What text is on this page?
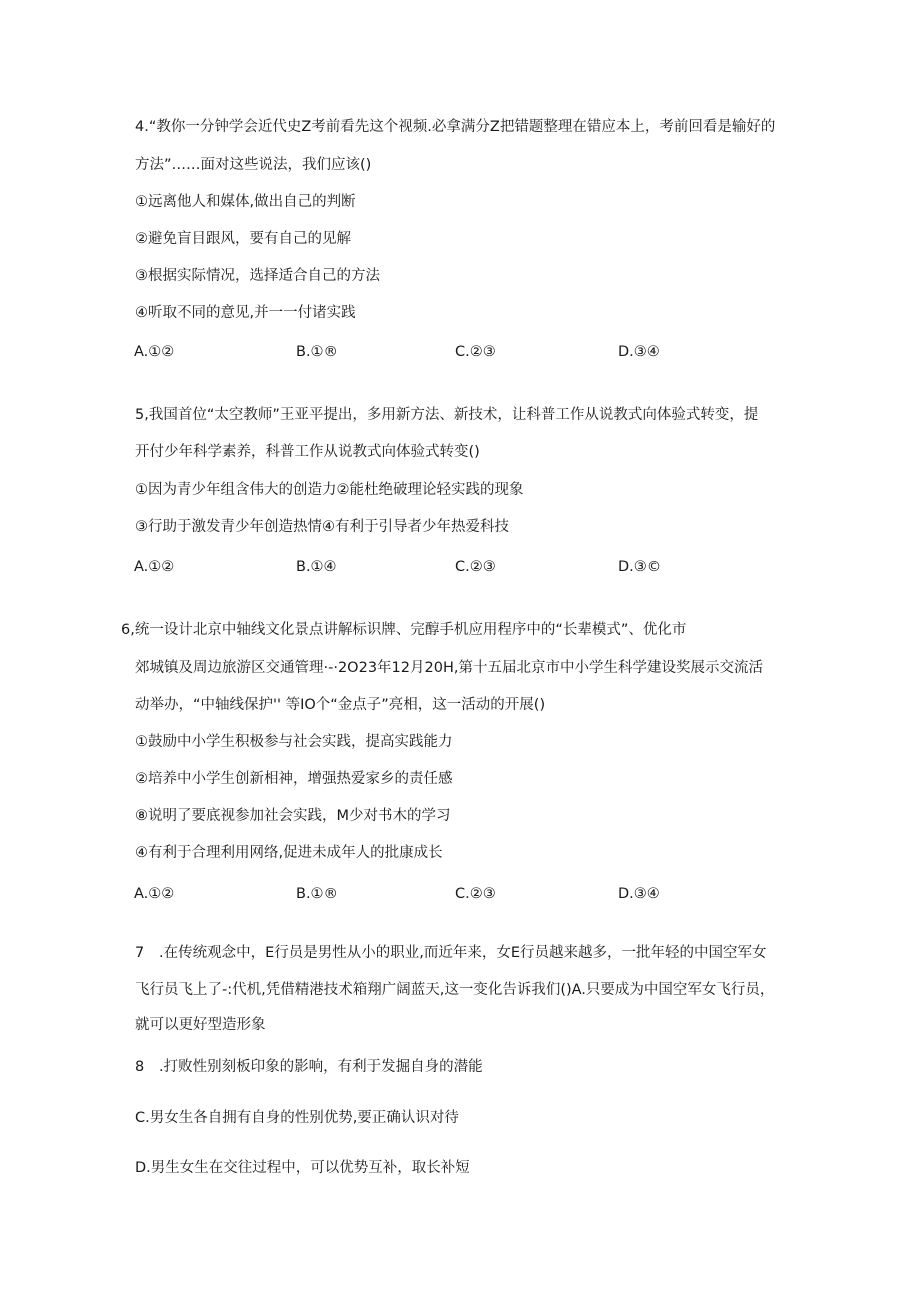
4.“教你一分钟学会近代史Z考前看先这个视频.必拿满分Z把错题整理在错应本上，考前回看是输好的
方法”……面对这些说法，我们应该()
①远离他人和媒体,做出自己的判断
②避免盲目跟风，要有自己的见解
③根据实际情况，选择适合自己的方法
④听取不同的意见,并一一付诸实践
A.①②	B.①®	C.②③	D.③④
5,我国首位“太空教师”王亚平提出，多用新方法、新技术，让科普工作从说教式向体验式转变，提
开付少年科学素养，科普工作从说教式向体验式转变()
①因为青少年组含伟大的创造力②能杜绝破理论轻实践的现象
③行助于激发青少年创造热情④有利于引导者少年热爱科技
A.①②	B.①④	C.②③	D.③©
6,统一设计北京中轴线文化景点讲解标识牌、完醇手机应用程序中的“长辈模式”、优化市
郊城镇及周边旅游区交通管理·-·2O23年12月20H,第十五届北京市中小学生科学建设奖展示交流活
动举办，“中轴线保护'' 等IO个“金点子”亮相，这一活动的开展()
①鼓励中小学生积极参与社会实践，提高实践能力
②培养中小学生创新相神，增强热爱家乡的责任感
⑧说明了要底视参加社会实践，M少对书木的学习
④有利于合理利用网络,促进未成年人的批康成长
A.①②	B.①®	C.②③	D.③④
7 .在传统观念中，E行员是男性从小的职业,而近年来，女E行员越来越多，一批年轻的中国空军女
飞行员飞上了-:代机,凭借精港技术箱翔广阔蓝天,这一变化告诉我们()A.只要成为中国空军女飞行员，
就可以更好型造形象
8 .打败性别刻板印象的影响，有利于发掘自身的潜能
C.男女生各自拥有自身的性别优势,要正确认识对待
D.男生女生在交往过程中，可以优势互补，取长补短
